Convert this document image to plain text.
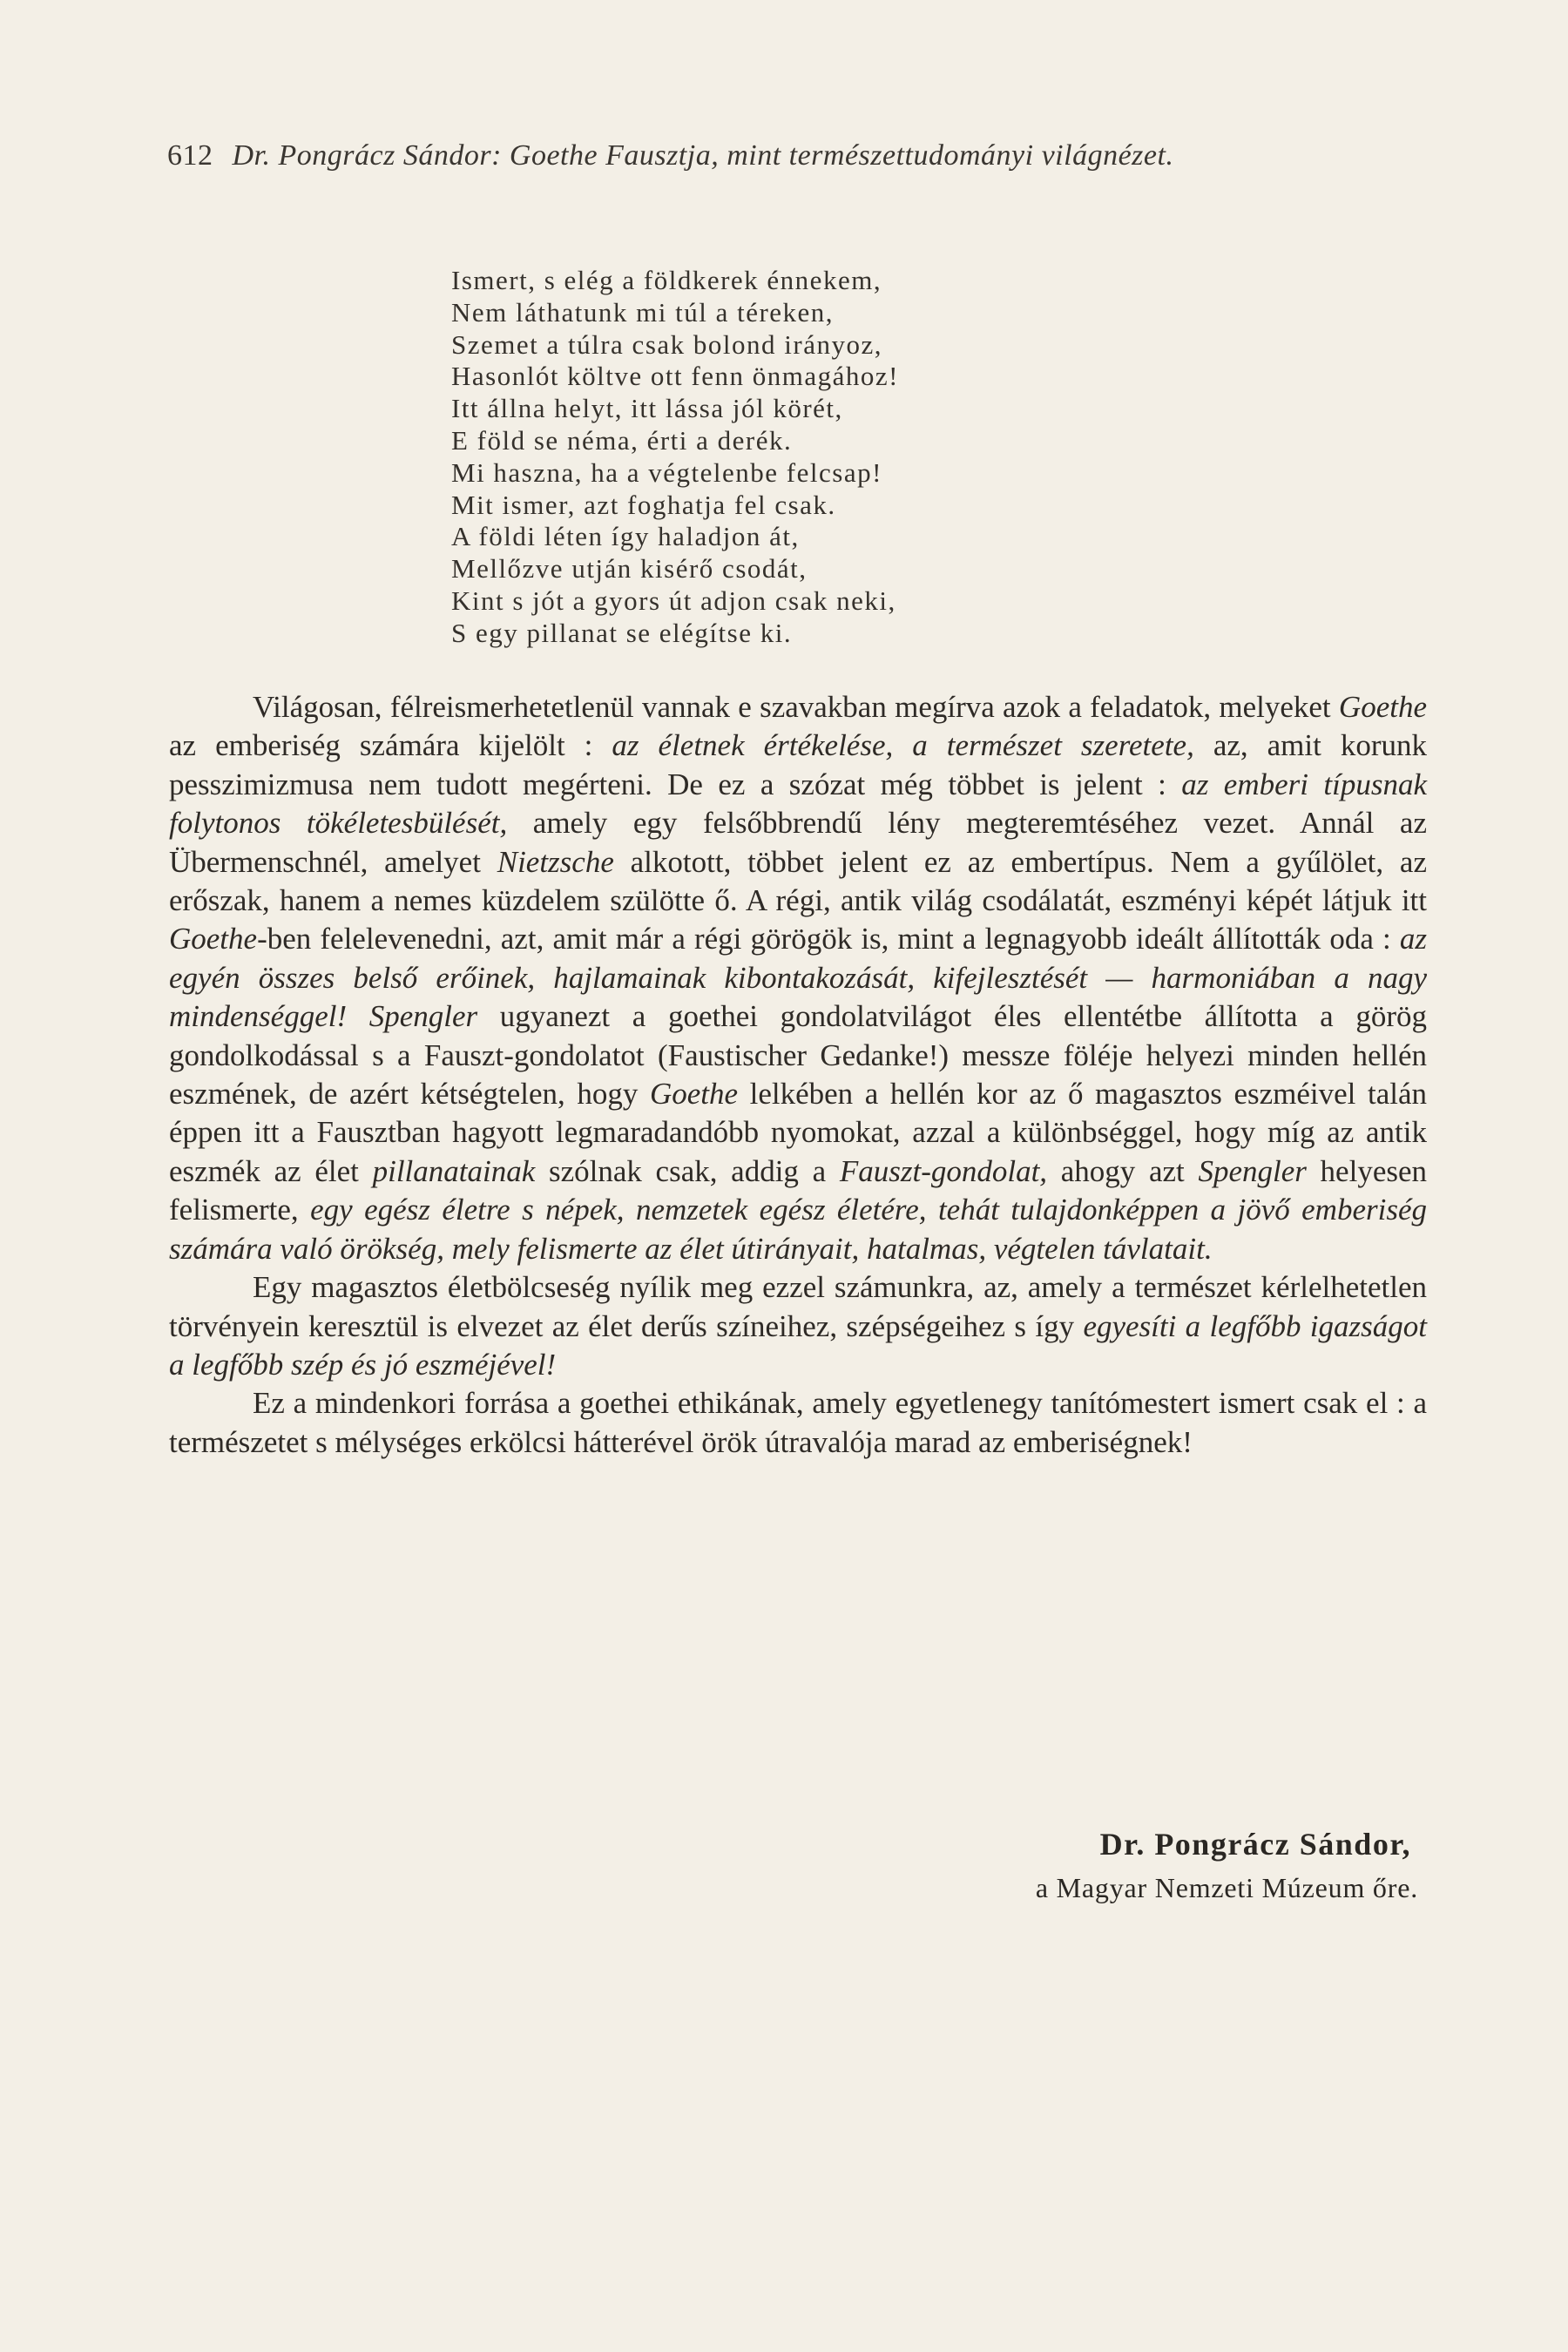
612 Dr. Pongrácz Sándor: Goethe Fausztja, mint természettudományi világnézet.
Ismert, s elég a földkerek énnekem,
Nem láthatunk mi túl a téreken,
Szemet a túlra csak bolond irányoz,
Hasonlót költve ott fenn önmagához!
Itt állna helyt, itt lássa jól körét,
E föld se néma, érti a derék.
Mi haszna, ha a végtelenbe felcsap!
Mit ismer, azt foghatja fel csak.
A földi léten így haladjon át,
Mellőzve utján kisérő csodát,
Kint s jót a gyors út adjon csak neki,
S egy pillanat se elégítse ki.

Világosan, félreismerhetetlenül vannak e szavakban megírva azok a feladatok, melyeket Goethe az emberiség számára kijelölt : az életnek értékelése, a természet szeretete, az, amit korunk pesszimizmusa nem tudott megérteni. De ez a szózat még többet is jelent : az emberi típusnak folytonos tökéletesbülését, amely egy felsőbbrendű lény megteremtéséhez vezet. Annál az Übermenschnél, amelyet Nietzsche alkotott, többet jelent ez az embertípus. Nem a gyűlölet, az erőszak, hanem a nemes küzdelem szülötte ő. A régi, antik világ csodálatát, eszményi képét látjuk itt Goethe-ben felelevenedni, azt, amit már a régi görögök is, mint a legnagyobb ideált állították oda : az egyén összes belső erőinek, hajlamainak kibontakozását, kifejlesztését — harmoniában a nagy mindenséggel! Spengler ugyanezt a goethei gondolatvilágot éles ellentétbe állította a görög gondolkodással s a Fauszt-gondolatot (Faustischer Gedanke!) messze föléje helyezi minden hellén eszmének, de azért kétségtelen, hogy Goethe lelkében a hellén kor az ő magasztos eszméivel talán éppen itt a Fausztban hagyott legmaradandóbb nyomokat, azzal a különbséggel, hogy míg az antik eszmék az élet pillanatainak szólnak csak, addig a Fauszt-gondolat, ahogy azt Spengler helyesen felismerte, egy egész életre s népek, nemzetek egész életére, tehát tulajdonképpen a jövő emberiség számára való örökség, mely felismerte az élet útirányait, hatalmas, végtelen távlatait.

Egy magasztos életbölcseség nyílik meg ezzel számunkra, az, amely a természet kérlelhetetlen törvényein keresztül is elvezet az élet derűs színeihez, szépségeihez s így egyesíti a legfőbb igazságot a legfőbb szép és jó eszméjével!

Ez a mindenkori forrása a goethei ethikának, amely egyetlenegy tanítómestert ismert csak el : a természetet s mélységes erkölcsi hátterével örök útravalója marad az emberiségnek!

Dr. Pongrácz Sándor,
a Magyar Nemzeti Múzeum őre.
